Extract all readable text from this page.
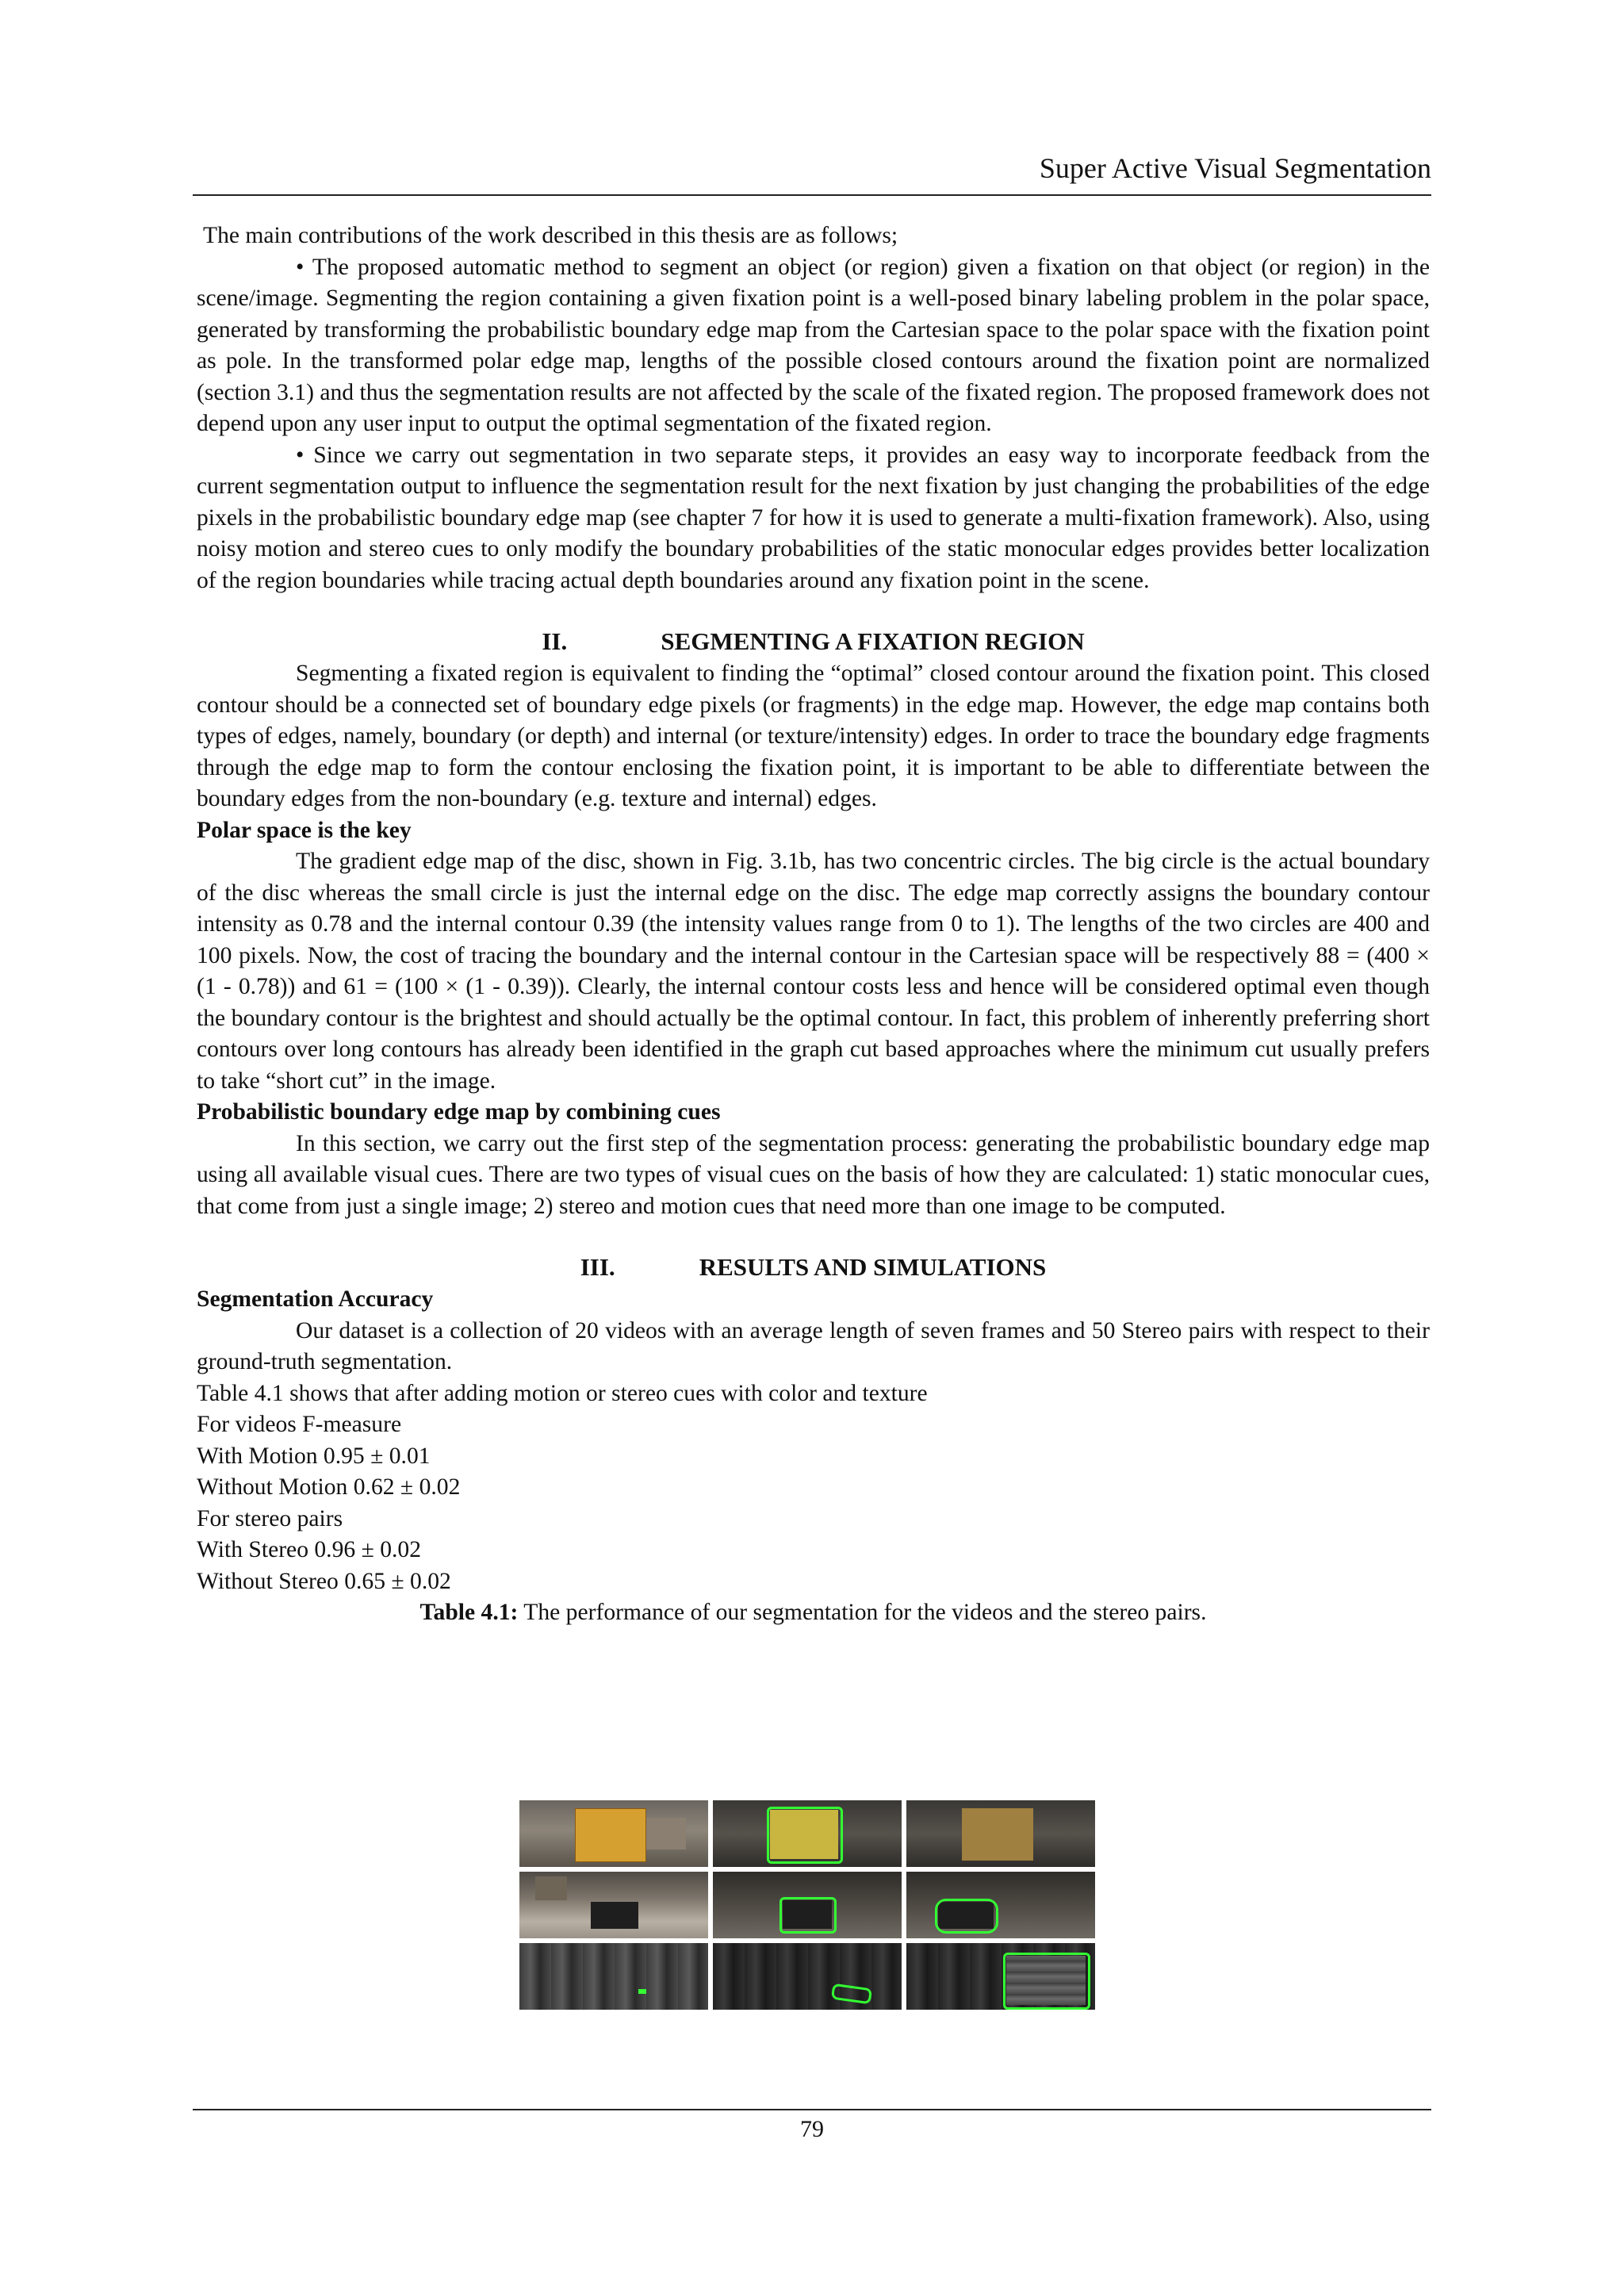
Super Active Visual Segmentation

The main contributions of the work described in this thesis are as follows;

• The proposed automatic method to segment an object (or region) given a fixation on that object (or region) in the scene/image. Segmenting the region containing a given fixation point is a well-posed binary labeling problem in the polar space, generated by transforming the probabilistic boundary edge map from the Cartesian space to the polar space with the fixation point as pole. In the transformed polar edge map, lengths of the possible closed contours around the fixation point are normalized (section 3.1) and thus the segmentation results are not affected by the scale of the fixated region. The proposed framework does not depend upon any user input to output the optimal segmentation of the fixated region.

• Since we carry out segmentation in two separate steps, it provides an easy way to incorporate feedback from the current segmentation output to influence the segmentation result for the next fixation by just changing the probabilities of the edge pixels in the probabilistic boundary edge map (see chapter 7 for how it is used to generate a multi-fixation framework). Also, using noisy motion and stereo cues to only modify the boundary probabilities of the static monocular edges provides better localization of the region boundaries while tracing actual depth boundaries around any fixation point in the scene.

II.	SEGMENTING A FIXATION REGION

Segmenting a fixated region is equivalent to finding the “optimal” closed contour around the fixation point. This closed contour should be a connected set of boundary edge pixels (or fragments) in the edge map. However, the edge map contains both types of edges, namely, boundary (or depth) and internal (or texture/intensity) edges. In order to trace the boundary edge fragments through the edge map to form the contour enclosing the fixation point, it is important to be able to differentiate between the boundary edges from the non-boundary (e.g. texture and internal) edges.

Polar space is the key

The gradient edge map of the disc, shown in Fig. 3.1b, has two concentric circles. The big circle is the actual boundary of the disc whereas the small circle is just the internal edge on the disc. The edge map correctly assigns the boundary contour intensity as 0.78 and the internal contour 0.39 (the intensity values range from 0 to 1). The lengths of the two circles are 400 and 100 pixels. Now, the cost of tracing the boundary and the internal contour in the Cartesian space will be respectively 88 = (400 × (1 - 0.78)) and 61 = (100 × (1 - 0.39)). Clearly, the internal contour costs less and hence will be considered optimal even though the boundary contour is the brightest and should actually be the optimal contour. In fact, this problem of inherently preferring short contours over long contours has already been identified in the graph cut based approaches where the minimum cut usually prefers to take “short cut” in the image.

Probabilistic boundary edge map by combining cues

In this section, we carry out the first step of the segmentation process: generating the probabilistic boundary edge map using all available visual cues. There are two types of visual cues on the basis of how they are calculated: 1) static monocular cues, that come from just a single image; 2) stereo and motion cues that need more than one image to be computed.

III.	RESULTS AND SIMULATIONS

Segmentation Accuracy

Our dataset is a collection of 20 videos with an average length of seven frames and 50 Stereo pairs with respect to their ground-truth segmentation.

Table 4.1 shows that after adding motion or stereo cues with color and texture

For videos F-measure

With Motion 0.95 ± 0.01

Without Motion 0.62 ± 0.02

For stereo pairs

With Stereo 0.96 ± 0.02

Without Stereo 0.65 ± 0.02

Table 4.1: The performance of our segmentation for the videos and the stereo pairs.

79
